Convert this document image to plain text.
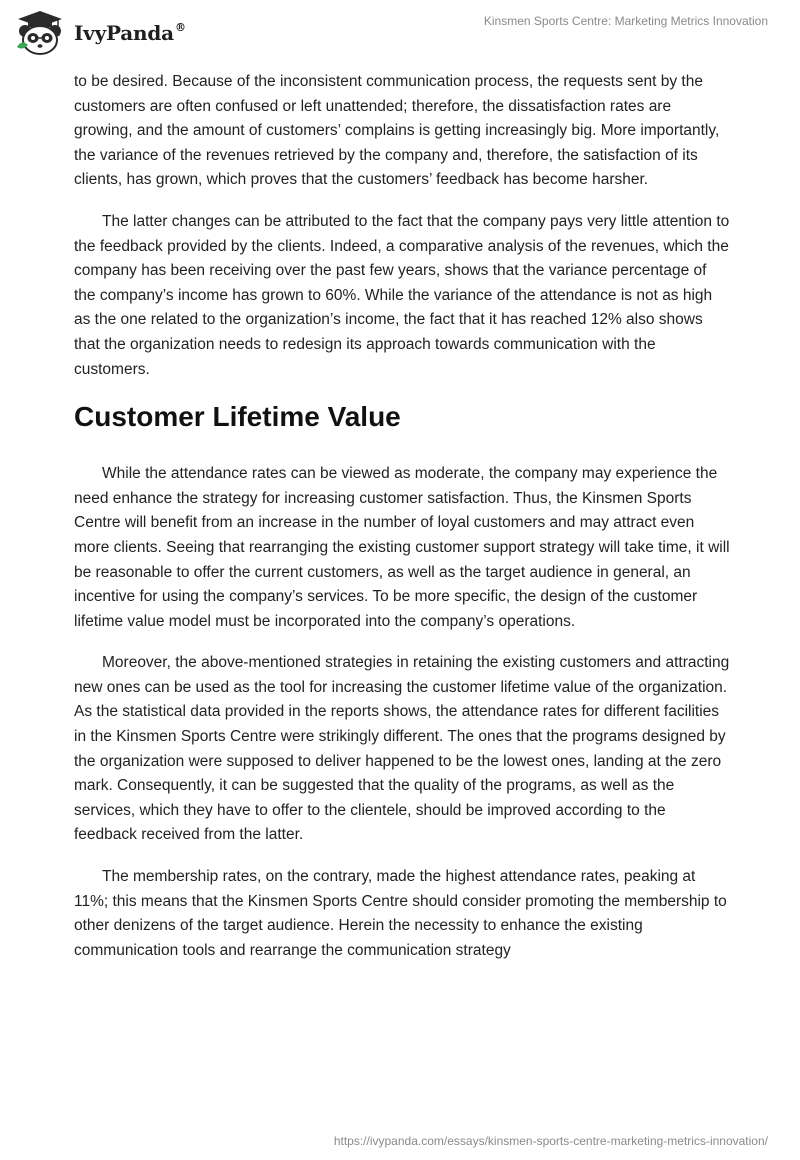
IvyPanda®	Kinsmen Sports Centre: Marketing Metrics Innovation

to be desired. Because of the inconsistent communication process, the requests sent by the customers are often confused or left unattended; therefore, the dissatisfaction rates are growing, and the amount of customers’ complains is getting increasingly big. More importantly, the variance of the revenues retrieved by the company and, therefore, the satisfaction of its clients, has grown, which proves that the customers’ feedback has become harsher.

The latter changes can be attributed to the fact that the company pays very little attention to the feedback provided by the clients. Indeed, a comparative analysis of the revenues, which the company has been receiving over the past few years, shows that the variance percentage of the company’s income has grown to 60%. While the variance of the attendance is not as high as the one related to the organization’s income, the fact that it has reached 12% also shows that the organization needs to redesign its approach towards communication with the customers.

Customer Lifetime Value

While the attendance rates can be viewed as moderate, the company may experience the need enhance the strategy for increasing customer satisfaction. Thus, the Kinsmen Sports Centre will benefit from an increase in the number of loyal customers and may attract even more clients. Seeing that rearranging the existing customer support strategy will take time, it will be reasonable to offer the current customers, as well as the target audience in general, an incentive for using the company’s services. To be more specific, the design of the customer lifetime value model must be incorporated into the company’s operations.

Moreover, the above-mentioned strategies in retaining the existing customers and attracting new ones can be used as the tool for increasing the customer lifetime value of the organization. As the statistical data provided in the reports shows, the attendance rates for different facilities in the Kinsmen Sports Centre were strikingly different. The ones that the programs designed by the organization were supposed to deliver happened to be the lowest ones, landing at the zero mark. Consequently, it can be suggested that the quality of the programs, as well as the services, which they have to offer to the clientele, should be improved according to the feedback received from the latter.

The membership rates, on the contrary, made the highest attendance rates, peaking at 11%; this means that the Kinsmen Sports Centre should consider promoting the membership to other denizens of the target audience. Herein the necessity to enhance the existing communication tools and rearrange the communication strategy

https://ivypanda.com/essays/kinsmen-sports-centre-marketing-metrics-innovation/
